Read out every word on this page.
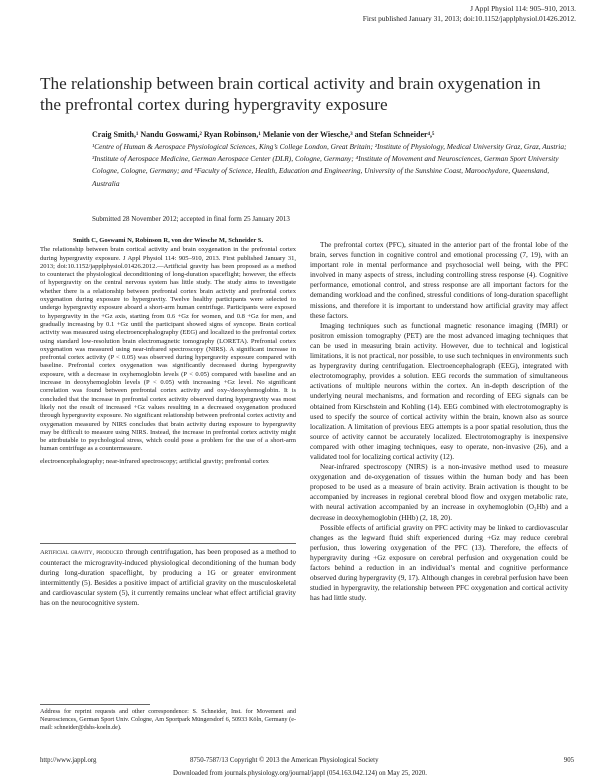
J Appl Physiol 114: 905–910, 2013.
First published January 31, 2013; doi:10.1152/japplphysiol.01426.2012.
The relationship between brain cortical activity and brain oxygenation in the prefrontal cortex during hypergravity exposure
Craig Smith,¹ Nandu Goswami,² Ryan Robinson,¹ Melanie von der Wiesche,³ and Stefan Schneider⁴,⁵
¹Centre of Human & Aerospace Physiological Sciences, King’s College London, Great Britain; ²Institute of Physiology, Medical University Graz, Graz, Austria; ³Institute of Aerospace Medicine, German Aerospace Center (DLR), Cologne, Germany; ⁴Institute of Movement and Neurosciences, German Sport University Cologne, Cologne, Germany; and ⁵Faculty of Science, Health, Education and Engineering, University of the Sunshine Coast, Maroochydore, Queensland, Australia
Submitted 28 November 2012; accepted in final form 25 January 2013
Smith C, Goswami N, Robinson R, von der Wiesche M, Schneider S.
The relationship between brain cortical activity and brain oxygenation in the prefrontal cortex during hypergravity exposure. J Appl Physiol 114: 905–910, 2013. First published January 31, 2013; doi:10.1152/japplphysiol.01426.2012.—Artificial gravity has been proposed as a method to counteract the physiological deconditioning of long-duration spaceflight; however, the effects of hypergravity on the central nervous system has little study. The study aims to investigate whether there is a relationship between prefrontal cortex brain activity and prefrontal cortex oxygenation during exposure to hypergravity. Twelve healthy participants were selected to undergo hypergravity exposure aboard a short-arm human centrifuge. Participants were exposed to hypergravity in the +Gz axis, starting from 0.6 +Gz for women, and 0.8 +Gz for men, and gradually increasing by 0.1 +Gz until the participant showed signs of syncope. Brain cortical activity was measured using electroencephalography (EEG) and localized to the prefrontal cortex using standard low-resolution brain electromagnetic tomography (LORETA). Prefrontal cortex oxygenation was measured using near-infrared spectroscopy (NIRS). A significant increase in prefrontal cortex activity (P < 0.05) was observed during hypergravity exposure compared with baseline. Prefrontal cortex oxygenation was significantly decreased during hypergravity exposure, with a decrease in oxyhemoglobin levels (P < 0.05) compared with baseline and an increase in deoxyhemoglobin levels (P < 0.05) with increasing +Gz level. No significant correlation was found between prefrontal cortex activity and oxy-/deoxyhemoglobin. It is concluded that the increase in prefrontal cortex activity observed during hypergravity was most likely not the result of increased +Gz values resulting in a decreased oxygenation produced through hypergravity exposure. No significant relationship between prefrontal cortex activity and oxygenation measured by NIRS concludes that brain activity during exposure to hypergravity may be difficult to measure using NIRS. Instead, the increase in prefrontal cortex activity might be attributable to psychological stress, which could pose a problem for the use of a short-arm human centrifuge as a countermeasure.
electroencephalography; near-infrared spectroscopy; artificial gravity; prefrontal cortex
Artificial gravity, produced through centrifugation, has been proposed as a method to counteract the microgravity-induced physiological deconditioning of the human body during long-duration spaceflight, by producing a 1G or greater environment intermittently (5). Besides a positive impact of artificial gravity on the musculoskeletal and cardiovascular system (5), it currently remains unclear what effect artificial gravity has on the neurocognitive system.

The prefrontal cortex (PFC), situated in the anterior part of the frontal lobe of the brain, serves function in cognitive control and emotional processing (7, 19), with an important role in mental performance and psychosocial well being, with the PFC involved in many aspects of stress, including controlling stress response (4). Cognitive performance, emotional control, and stress response are all important factors for the demanding workload and the confined, stressful conditions of long-duration spaceflight missions, and therefore it is important to understand how artificial gravity may affect these factors.

Imaging techniques such as functional magnetic resonance imaging (fMRI) or positron emission tomography (PET) are the most advanced imaging techniques that can be used in measuring brain activity. However, due to technical and logistical limitations, it is not practical, nor possible, to use such techniques in environments such as hypergravity during centrifugation. Electroencephalograph (EEG), integrated with electrotomography, provides a solution. EEG records the summation of simultaneous activations of multiple neurons within the cortex. An in-depth description of the underlying neural mechanisms, and formation and recording of EEG signals can be obtained from Kirschstein and Kohling (14). EEG combined with electrotomography is used to specify the source of cortical activity within the brain, known also as source localization. A limitation of previous EEG attempts is a poor spatial resolution, thus the source of activity cannot be accurately localized. Electrotomography is inexpensive compared with other imaging techniques, easy to operate, non-invasive (26), and a validated tool for localizing cortical activity (12).

Near-infrared spectroscopy (NIRS) is a non-invasive method used to measure oxygenation and de-oxygenation of tissues within the human body and has been proposed to be used as a measure of brain activity. Brain activation is thought to be accompanied by increases in regional cerebral blood flow and oxygen metabolic rate, with neural activation accompanied by an increase in oxyhemoglobin (O₂Hb) and a decrease in deoxyhemoglobin (HHb) (2, 18, 20).

Possible effects of artificial gravity on PFC activity may be linked to cardiovascular changes as the legward fluid shift experienced during +Gz may reduce cerebral perfusion, thus lowering oxygenation of the PFC (13). Therefore, the effects of hypergravity during +Gz exposure on cerebral perfusion and oxygenation could be factors behind a reduction in an individual’s mental and cognitive performance observed during hypergravity (9, 17). Although changes in cerebral perfusion have been studied in hypergravity, the relationship between PFC oxygenation and cortical activity has had little study.

Address for reprint requests and other correspondence: S. Schneider, Inst. for Movement and Neurosciences, German Sport Univ. Cologne, Am Sportpark Müngersdorf 6, 50933 Köln, Germany (e-mail: schneider@dshs-koeln.de).
http://www.jappl.org	8750-7587/13 Copyright © 2013 the American Physiological Society	905
Downloaded from journals.physiology.org/journal/jappl (054.163.042.124) on May 25, 2020.
